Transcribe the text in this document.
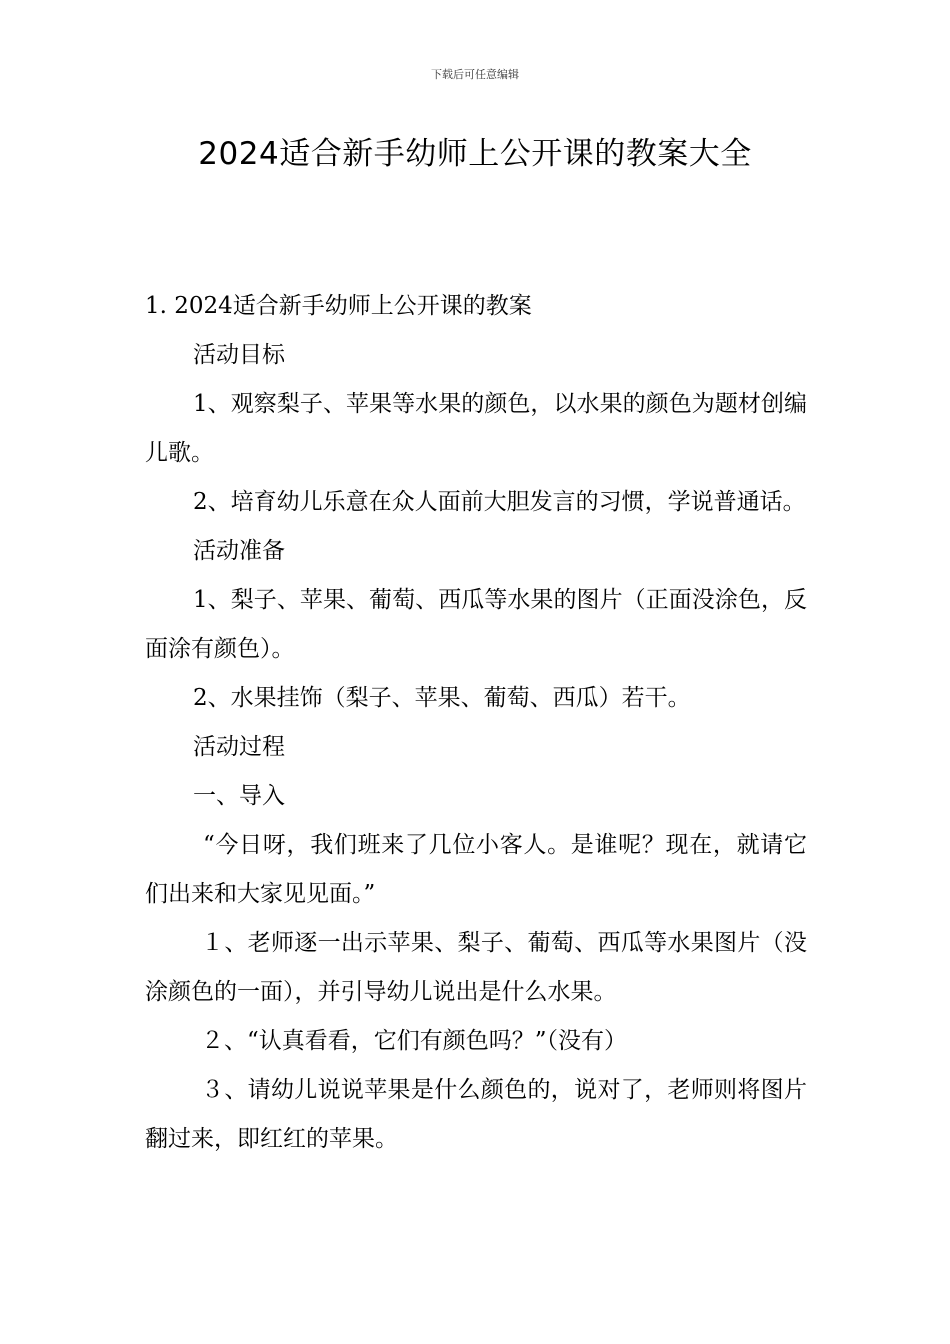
下载后可任意编辑
2024适合新手幼师上公开课的教案大全

1. 2024适合新手幼师上公开课的教案

活动目标

1、观察梨子、苹果等水果的颜色，以水果的颜色为题材创编儿歌。

2、培育幼儿乐意在众人面前大胆发言的习惯，学说普通话。

活动准备

1、梨子、苹果、葡萄、西瓜等水果的图片（正面没涂色，反面涂有颜色）。

2、水果挂饰（梨子、苹果、葡萄、西瓜）若干。

活动过程

一、导入

“今日呀，我们班来了几位小客人。是谁呢？现在，就请它们出来和大家见见面。”

１、老师逐一出示苹果、梨子、葡萄、西瓜等水果图片（没涂颜色的一面），并引导幼儿说出是什么水果。

２、“认真看看，它们有颜色吗？”（没有）

３、请幼儿说说苹果是什么颜色的，说对了，老师则将图片翻过来，即红红的苹果。
